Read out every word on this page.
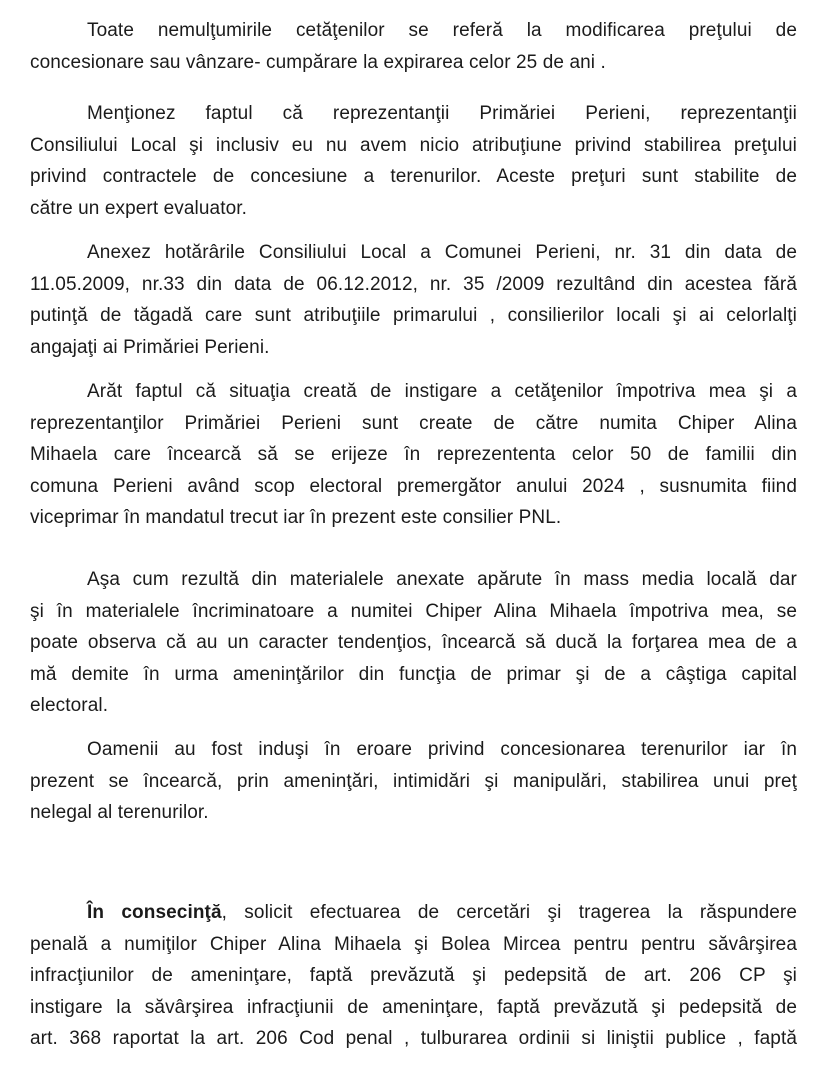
Toate nemulţumirile cetăţenilor se referă la modificarea preţului de
concesionare sau vânzare- cumpărare la expirarea celor 25 de ani .

Menţionez faptul că reprezentanţii Primăriei Perieni, reprezentanţii
Consiliului Local şi inclusiv eu nu avem nicio atribuţiune privind stabilirea preţului
privind contractele de concesiune a terenurilor. Aceste preţuri sunt stabilite de
către un expert evaluator.

Anexez hotărârile Consiliului Local a Comunei Perieni, nr. 31 din data de
11.05.2009, nr.33 din data de 06.12.2012, nr. 35 /2009 rezultând din acestea fără
putinţă de tăgadă care sunt atribuţiile primarului , consilierilor locali şi ai celorlalţi
angajaţi ai Primăriei Perieni.

Arăt faptul că situaţia creată de instigare a cetăţenilor împotriva mea şi a
reprezentanţilor Primăriei Perieni sunt create de către numita Chiper Alina
Mihaela care încearcă să se erijeze în reprezententa celor 50 de familii din
comuna Perieni având scop electoral premergător anului 2024 , susnumita fiind
viceprimar în mandatul trecut iar în prezent este consilier PNL.

Aşa cum rezultă din materialele anexate apărute în mass media locală dar
şi în materialele încriminatoare a numitei Chiper Alina Mihaela împotriva mea, se
poate observa că au un caracter tendenţios, încearcă să ducă la forţarea mea de a
mă demite în urma ameninţărilor din funcţia de primar şi de a câştiga capital
electoral.

Oamenii au fost induşi în eroare privind concesionarea terenurilor iar în
prezent se încearcă, prin ameninţări, intimidări şi manipulări, stabilirea unui preţ
nelegal al terenurilor.

În consecinţă, solicit efectuarea de cercetări şi tragerea la răspundere
penală a numiţilor Chiper Alina Mihaela şi Bolea Mircea pentru pentru săvârşirea
infracţiunilor de ameninţare, faptă prevăzută şi pedepsită de art. 206 CP şi
instigare la săvârşirea infracţiunii de ameninţare, faptă prevăzută şi pedepsită de
art. 368 raportat la art. 206 Cod penal , tulburarea ordinii si liniştii publice , faptă
